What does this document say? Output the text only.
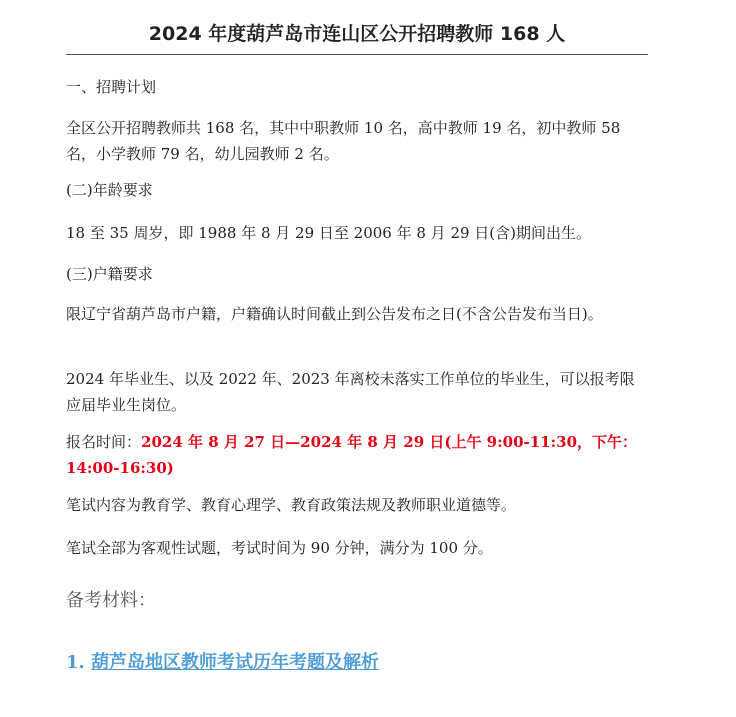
2024 年度葫芦岛市连山区公开招聘教师 168 人

一、招聘计划

全区公开招聘教师共 168 名，其中中职教师 10 名，高中教师 19 名，初中教师 58 名，小学教师 79 名，幼儿园教师 2 名。

(二)年龄要求

18 至 35 周岁，即 1988 年 8 月 29 日至 2006 年 8 月 29 日(含)期间出生。

(三)户籍要求

限辽宁省葫芦岛市户籍，户籍确认时间截止到公告发布之日(不含公告发布当日)。

2024 年毕业生、以及 2022 年、2023 年离校未落实工作单位的毕业生，可以报考限应届毕业生岗位。

报名时间：2024 年 8 月 27 日—2024 年 8 月 29 日(上午 9:00-11:30，下午：14:00-16:30)

笔试内容为教育学、教育心理学、教育政策法规及教师职业道德等。

笔试全部为客观性试题，考试时间为 90 分钟，满分为 100 分。

备考材料：

1. 葫芦岛地区教师考试历年考题及解析
